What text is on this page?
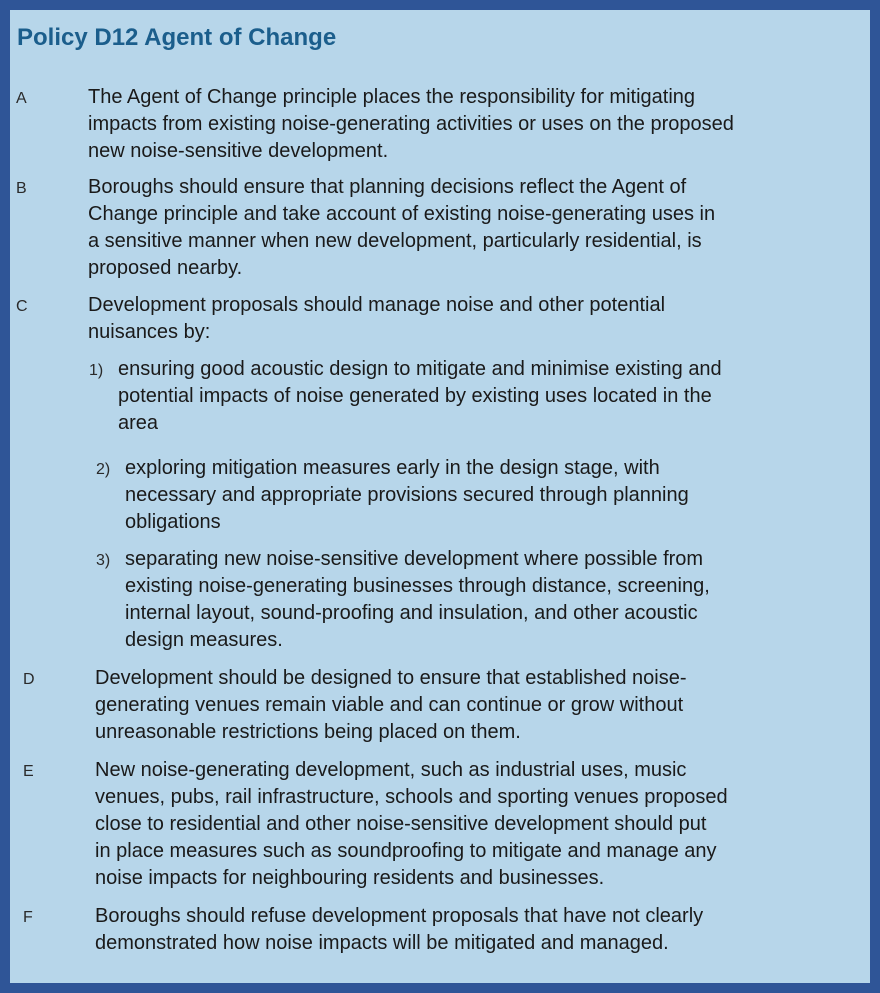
Policy D12 Agent of Change
A	The Agent of Change principle places the responsibility for mitigating
impacts from existing noise-generating activities or uses on the proposed
new noise-sensitive development.
B	Boroughs should ensure that planning decisions reflect the Agent of
Change principle and take account of existing noise-generating uses in
a sensitive manner when new development, particularly residential, is
proposed nearby.
C	Development proposals should manage noise and other potential
nuisances by:
1) ensuring good acoustic design to mitigate and minimise existing and
potential impacts of noise generated by existing uses located in the
area
2) exploring mitigation measures early in the design stage, with
necessary and appropriate provisions secured through planning
obligations
3) separating new noise-sensitive development where possible from
existing noise-generating businesses through distance, screening,
internal layout, sound-proofing and insulation, and other acoustic
design measures.
D	Development should be designed to ensure that established noise-
generating venues remain viable and can continue or grow without
unreasonable restrictions being placed on them.
E	New noise-generating development, such as industrial uses, music
venues, pubs, rail infrastructure, schools and sporting venues proposed
close to residential and other noise-sensitive development should put
in place measures such as soundproofing to mitigate and manage any
noise impacts for neighbouring residents and businesses.
F	Boroughs should refuse development proposals that have not clearly
demonstrated how noise impacts will be mitigated and managed.
